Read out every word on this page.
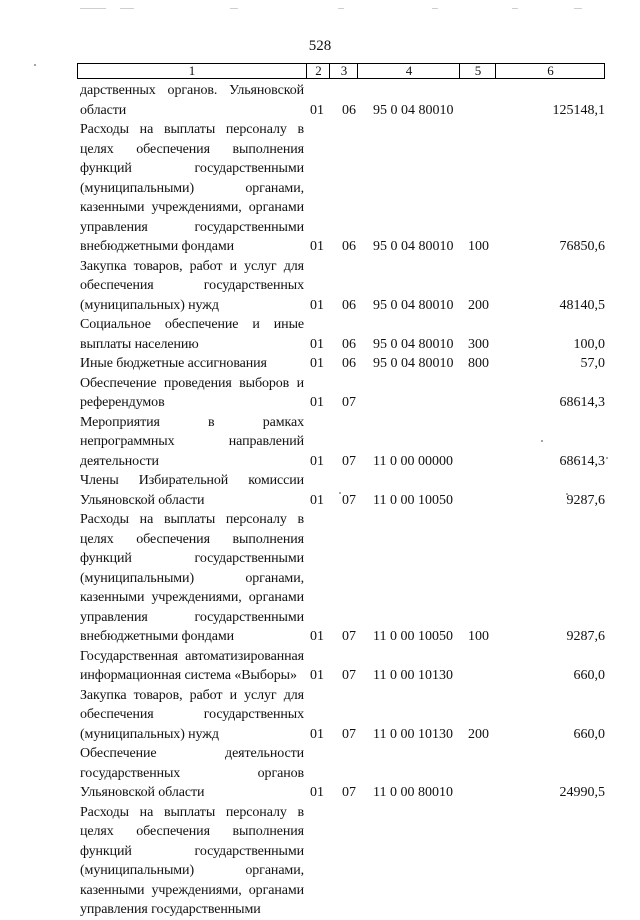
528
1	2	3	4	5	6
дарственных органов. Ульяновской области	01 06 95 0 04 80010	125148,1
Расходы на выплаты персоналу в целях обеспечения выполнения функций государственными (муниципальными) органами, казенными учреждениями, органами управления государственными внебюджетными фондами	01 06 95 0 04 80010 100	76850,6
Закупка товаров, работ и услуг для обеспечения государственных (муниципальных) нужд	01 06 95 0 04 80010 200	48140,5
Социальное обеспечение и иные выплаты населению	01 06 95 0 04 80010 300	100,0
Иные бюджетные ассигнования	01 06 95 0 04 80010 800	57,0
Обеспечение проведения выборов и референдумов	01 07	68614,3
Мероприятия в рамках непрограммных направлений деятельности	01 07 11 0 00 00000	68614,3
Члены Избирательной комиссии Ульяновской области	01 07 11 0 00 10050	9287,6
Расходы на выплаты персоналу в целях обеспечения выполнения функций государственными (муниципальными) органами, казенными учреждениями, органами управления государственными внебюджетными фондами	01 07 11 0 00 10050 100	9287,6
Государственная автоматизированная информационная система «Выборы» 01 07 11 0 00 10130	660,0
Закупка товаров, работ и услуг для обеспечения государственных (муниципальных) нужд	01 07 11 0 00 10130 200	660,0
Обеспечение деятельности государственных органов Ульяновской области	01 07 11 0 00 80010	24990,5
Расходы на выплаты персоналу в целях обеспечения выполнения функций государственными (муниципальными) органами, казенными учреждениями, органами управления государственными
